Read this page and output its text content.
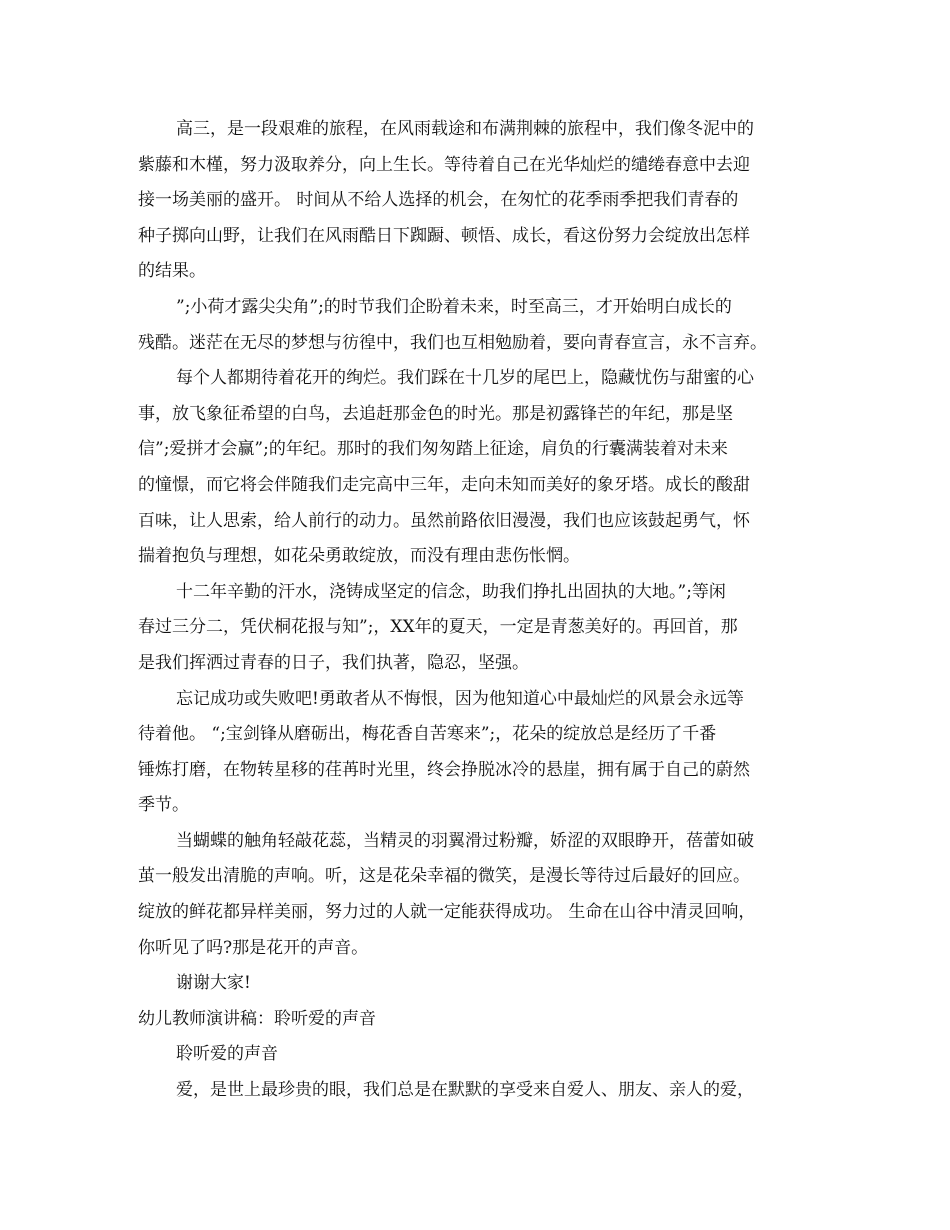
高三，是一段艰难的旅程，在风雨载途和布满荆棘的旅程中，我们像冬泥中的
紫藤和木槿，努力汲取养分，向上生长。等待着自己在光华灿烂的缱绻春意中去迎
接一场美丽的盛开。 时间从不给人选择的机会，在匆忙的花季雨季把我们青春的
种子掷向山野，让我们在风雨酷日下踟蹰、顿悟、成长，看这份努力会绽放出怎样
的结果。
”;小荷才露尖尖角”;的时节我们企盼着未来，时至高三，才开始明白成长的
残酷。迷茫在无尽的梦想与彷徨中，我们也互相勉励着，要向青春宣言，永不言弃。
每个人都期待着花开的绚烂。我们踩在十几岁的尾巴上，隐藏忧伤与甜蜜的心
事，放飞象征希望的白鸟，去追赶那金色的时光。那是初露锋芒的年纪，那是坚
信”;爱拼才会赢”;的年纪。那时的我们匆匆踏上征途，肩负的行囊满装着对未来
的憧憬，而它将会伴随我们走完高中三年，走向未知而美好的象牙塔。成长的酸甜
百味，让人思索，给人前行的动力。虽然前路依旧漫漫，我们也应该鼓起勇气，怀
揣着抱负与理想，如花朵勇敢绽放，而没有理由悲伤怅惘。
十二年辛勤的汗水，浇铸成坚定的信念，助我们挣扎出固执的大地。”;等闲
春过三分二，凭伏桐花报与知”;，XX年的夏天，一定是青葱美好的。再回首，那
是我们挥洒过青春的日子，我们执著，隐忍，坚强。
忘记成功或失败吧!勇敢者从不悔恨，因为他知道心中最灿烂的风景会永远等
待着他。 “;宝剑锋从磨砺出，梅花香自苦寒来”;，花朵的绽放总是经历了千番
锤炼打磨，在物转星移的荏苒时光里，终会挣脱冰冷的悬崖，拥有属于自己的蔚然
季节。
当蝴蝶的触角轻敲花蕊，当精灵的羽翼滑过粉瓣，娇涩的双眼睁开，蓓蕾如破
茧一般发出清脆的声响。听，这是花朵幸福的微笑，是漫长等待过后最好的回应。
绽放的鲜花都异样美丽，努力过的人就一定能获得成功。 生命在山谷中清灵回响，
你听见了吗?那是花开的声音。
谢谢大家!
幼儿教师演讲稿：聆听爱的声音
聆听爱的声音
爱，是世上最珍贵的眼，我们总是在默默的享受来自爱人、朋友、亲人的爱，
